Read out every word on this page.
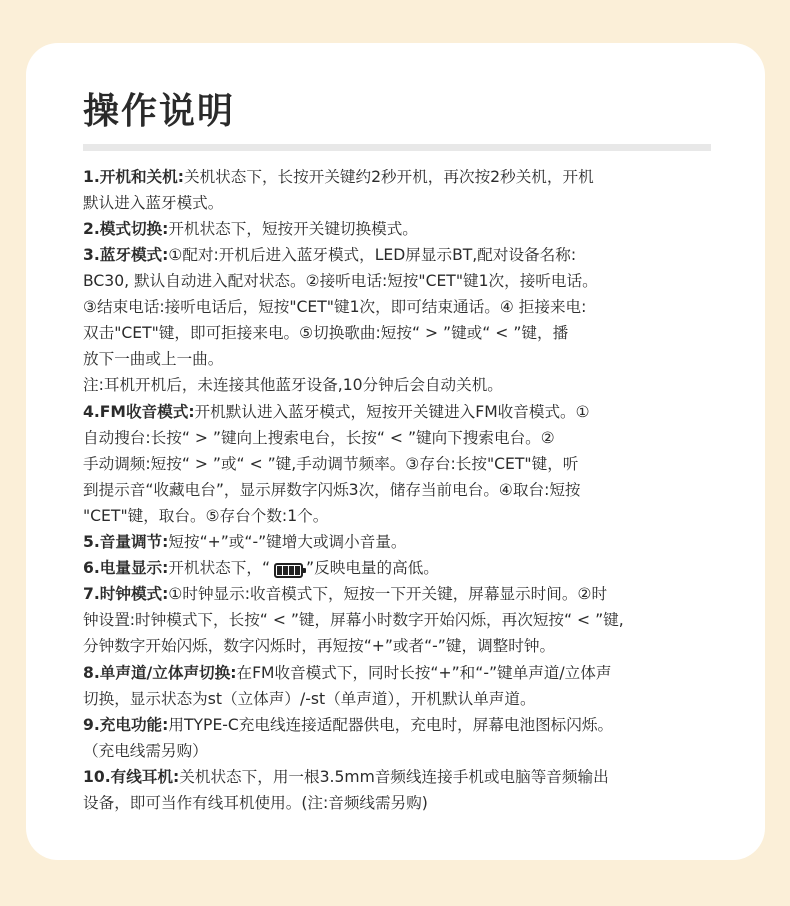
操作说明
1.开机和关机:关机状态下，长按开关键约2秒开机，再次按2秒关机，开机
默认进入蓝牙模式。
2.模式切换:开机状态下，短按开关键切换模式。
3.蓝牙模式:①配对:开机后进入蓝牙模式，LED屏显示BT,配对设备名称:
BC30, 默认自动进入配对状态。②接听电话:短按"CET"键1次，接听电话。
③结束电话:接听电话后，短按"CET"键1次，即可结束通话。④ 拒接来电:
双击"CET"键，即可拒接来电。⑤切换歌曲:短按“ > ”键或“ < ”键，播
放下一曲或上一曲。
注:耳机开机后，未连接其他蓝牙设备,10分钟后会自动关机。
4.FM收音模式:开机默认进入蓝牙模式，短按开关键进入FM收音模式。①
自动搜台:长按“ > ”键向上搜索电台，长按“ < ”键向下搜索电台。②
手动调频:短按“ > ”或“ < ”键,手动调节频率。③存台:长按"CET"键，听
到提示音“收藏电台”，显示屏数字闪烁3次，储存当前电台。④取台:短按
"CET"键，取台。⑤存台个数:1个。
5.音量调节:短按“+”或“-”键增大或调小音量。
6.电量显示:开机状态下，“ ”反映电量的高低。
7.时钟模式:①时钟显示:收音模式下，短按一下开关键，屏幕显示时间。②时
钟设置:时钟模式下，长按“ < ”键，屏幕小时数字开始闪烁，再次短按“ < ”键,
分钟数字开始闪烁，数字闪烁时，再短按“+”或者“-”键，调整时钟。
8.单声道/立体声切换:在FM收音模式下，同时长按“+”和“-”键单声道/立体声
切换，显示状态为st（立体声）/-st（单声道），开机默认单声道。
9.充电功能:用TYPE-C充电线连接适配器供电，充电时，屏幕电池图标闪烁。
（充电线需另购）
10.有线耳机:关机状态下，用一根3.5mm音频线连接手机或电脑等音频输出
设备，即可当作有线耳机使用。(注:音频线需另购)
